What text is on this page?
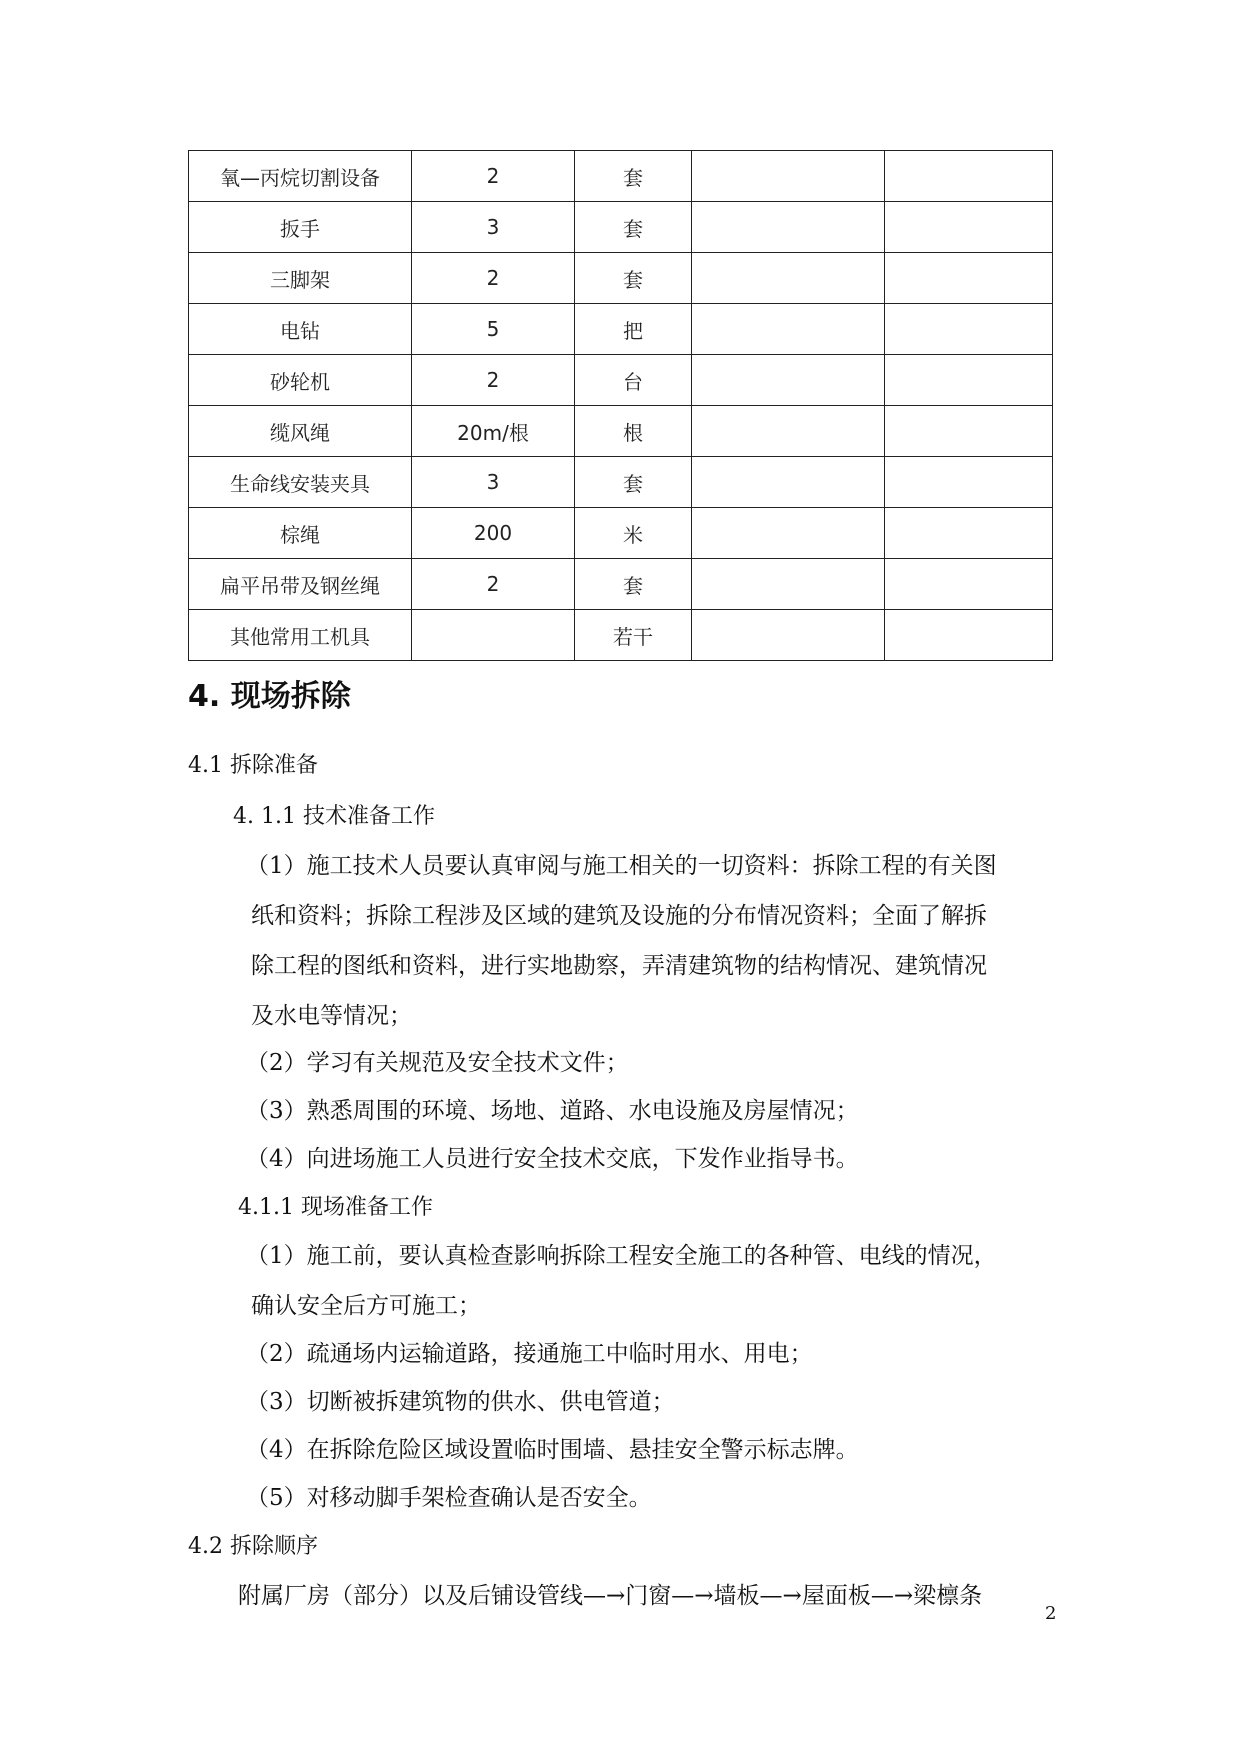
氧—丙烷切割设备	2	套		
扳手	3	套		
三脚架	2	套		
电钻	5	把		
砂轮机	2	台		
缆风绳	20m/根	根		
生命线安装夹具	3	套		
棕绳	200	米		
扁平吊带及钢丝绳	2	套		
其他常用工机具		若干		
4. 现场拆除
4.1 拆除准备
4. 1.1 技术准备工作
（1）施工技术人员要认真审阅与施工相关的一切资料：拆除工程的有关图
纸和资料；拆除工程涉及区域的建筑及设施的分布情况资料；全面了解拆
除工程的图纸和资料，进行实地勘察，弄清建筑物的结构情况、建筑情况
及水电等情况；
（2）学习有关规范及安全技术文件；
（3）熟悉周围的环境、场地、道路、水电设施及房屋情况；
（4）向进场施工人员进行安全技术交底，下发作业指导书。
4.1.1 现场准备工作
（1）施工前，要认真检查影响拆除工程安全施工的各种管、电线的情况，
确认安全后方可施工；
（2）疏通场内运输道路，接通施工中临时用水、用电；
（3）切断被拆建筑物的供水、供电管道；
（4）在拆除危险区域设置临时围墙、悬挂安全警示标志牌。
（5）对移动脚手架检查确认是否安全。
4.2 拆除顺序
附属厂房（部分）以及后铺设管线—→门窗—→墙板—→屋面板—→梁檩条
2
